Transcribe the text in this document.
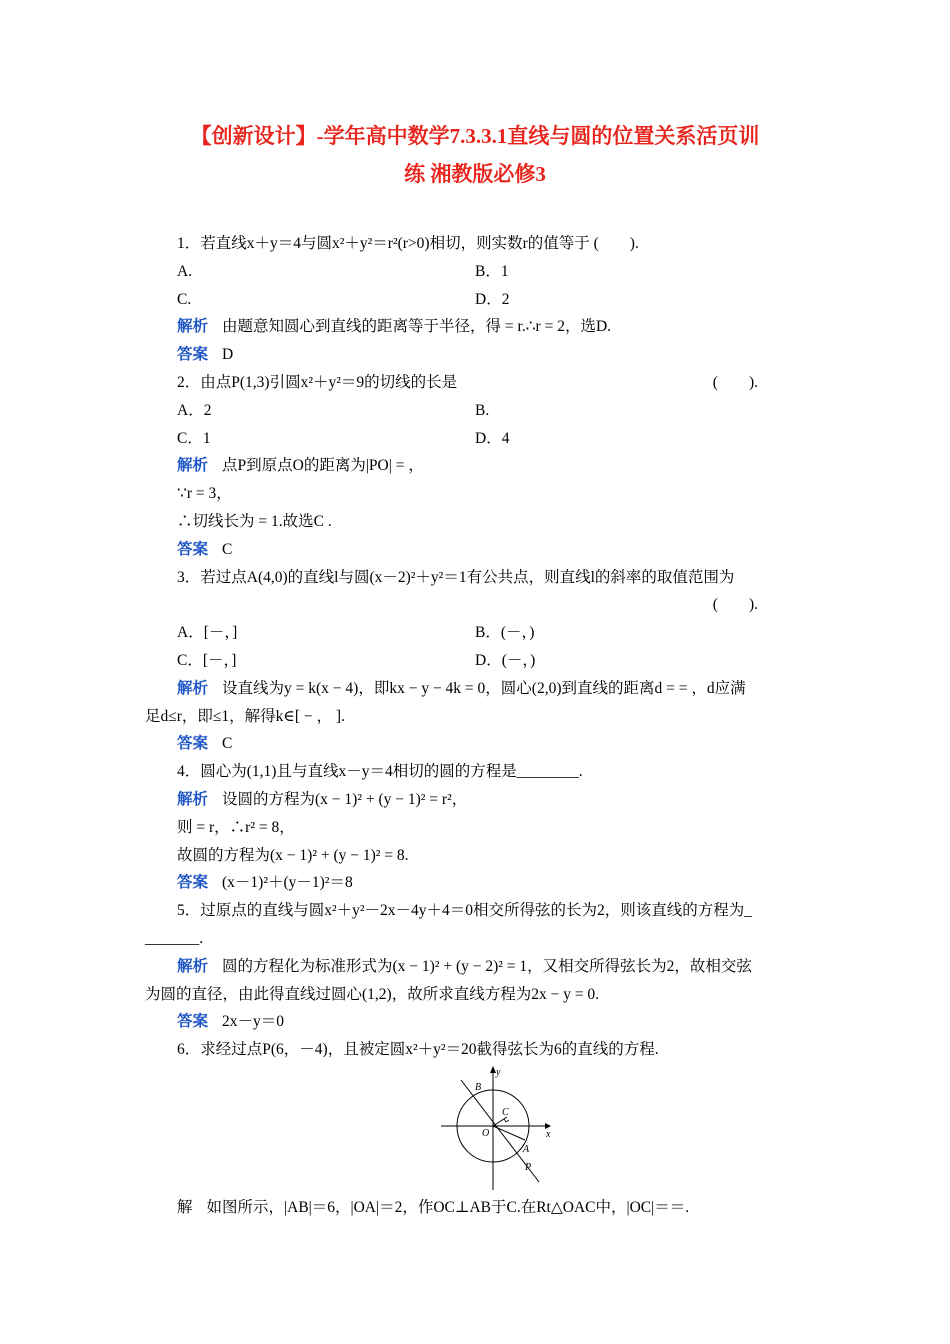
【创新设计】-学年高中数学7.3.3.1直线与圆的位置关系活页训
练 湘教版必修3
1．若直线x＋y＝4与圆x²＋y²＝r²(r>0)相切，则实数r的值等于 (　　).
A.	B．1
C.	D．2
解析 由题意知圆心到直线的距离等于半径，得 = r.∴r = 2，选D.
答案 D
2．由点P(1,3)引圆x²＋y²＝9的切线的长是	(　　).
A．2	B.
C．1	D．4
解析 点P到原点O的距离为|PO| = ，
∵r = 3，
∴切线长为 = 1.故选C .
答案 C
3．若过点A(4,0)的直线l与圆(x－2)²＋y²＝1有公共点，则直线l的斜率的取值范围为
(　　).
A．[－，]	B．(－，)
C．[－，]	D．(－，)
解析 设直线为y = k(x − 4)，即kx − y − 4k = 0，圆心(2,0)到直线的距离d = = ，d应满
足d≤r，即≤1，解得k∈[ − ， ].
答案 C
4．圆心为(1,1)且与直线x－y＝4相切的圆的方程是________.
解析 设圆的方程为(x − 1)² + (y − 1)² = r²，
则 = r，∴r² = 8，
故圆的方程为(x − 1)² + (y − 1)² = 8.
答案 (x－1)²＋(y－1)²＝8
5．过原点的直线与圆x²＋y²－2x－4y＋4＝0相交所得弦的长为2，则该直线的方程为_
_______.
解析 圆的方程化为标准形式为(x − 1)² + (y − 2)² = 1，又相交所得弦长为2，故相交弦
为圆的直径，由此得直线过圆心(1,2)，故所求直线方程为2x − y = 0.
答案 2x－y＝0
6．求经过点P(6，－4)，且被定圆x²＋y²＝20截得弦长为6的直线的方程.
x
y
B
C
O
A
P
解 如图所示，|AB|＝6，|OA|＝2，作OC⊥AB于C.在Rt△OAC中，|OC|＝＝.
